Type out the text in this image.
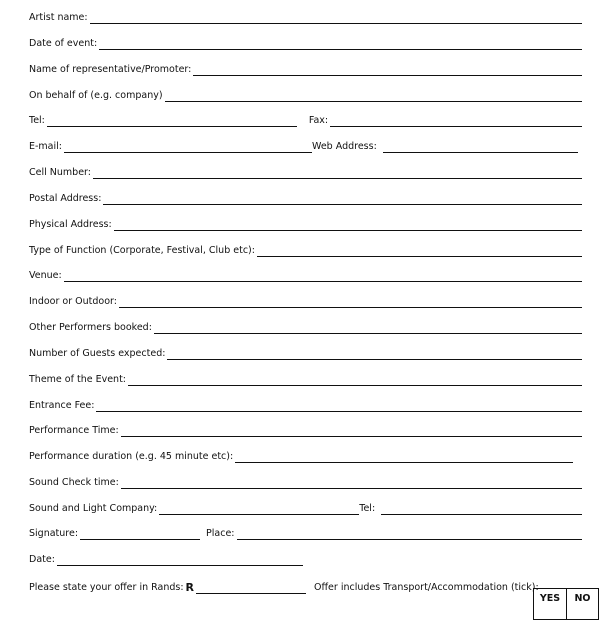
Artist name:
Date of event:
Name of representative/Promoter:
On behalf of (e.g. company)
Tel:	Fax:
E-mail:	Web Address:
Cell Number:
Postal Address:
Physical Address:
Type of Function (Corporate, Festival, Club etc):
Venue:
Indoor or Outdoor:
Other Performers booked:
Number of Guests expected:
Theme of the Event:
Entrance Fee:
Performance Time:
Performance duration (e.g. 45 minute etc):
Sound Check time:
Sound and Light Company:	Tel:
Signature:	Place:
Date:
Please state your offer in Rands: R	Offer includes Transport/Accommodation (tick):
YES	NO
